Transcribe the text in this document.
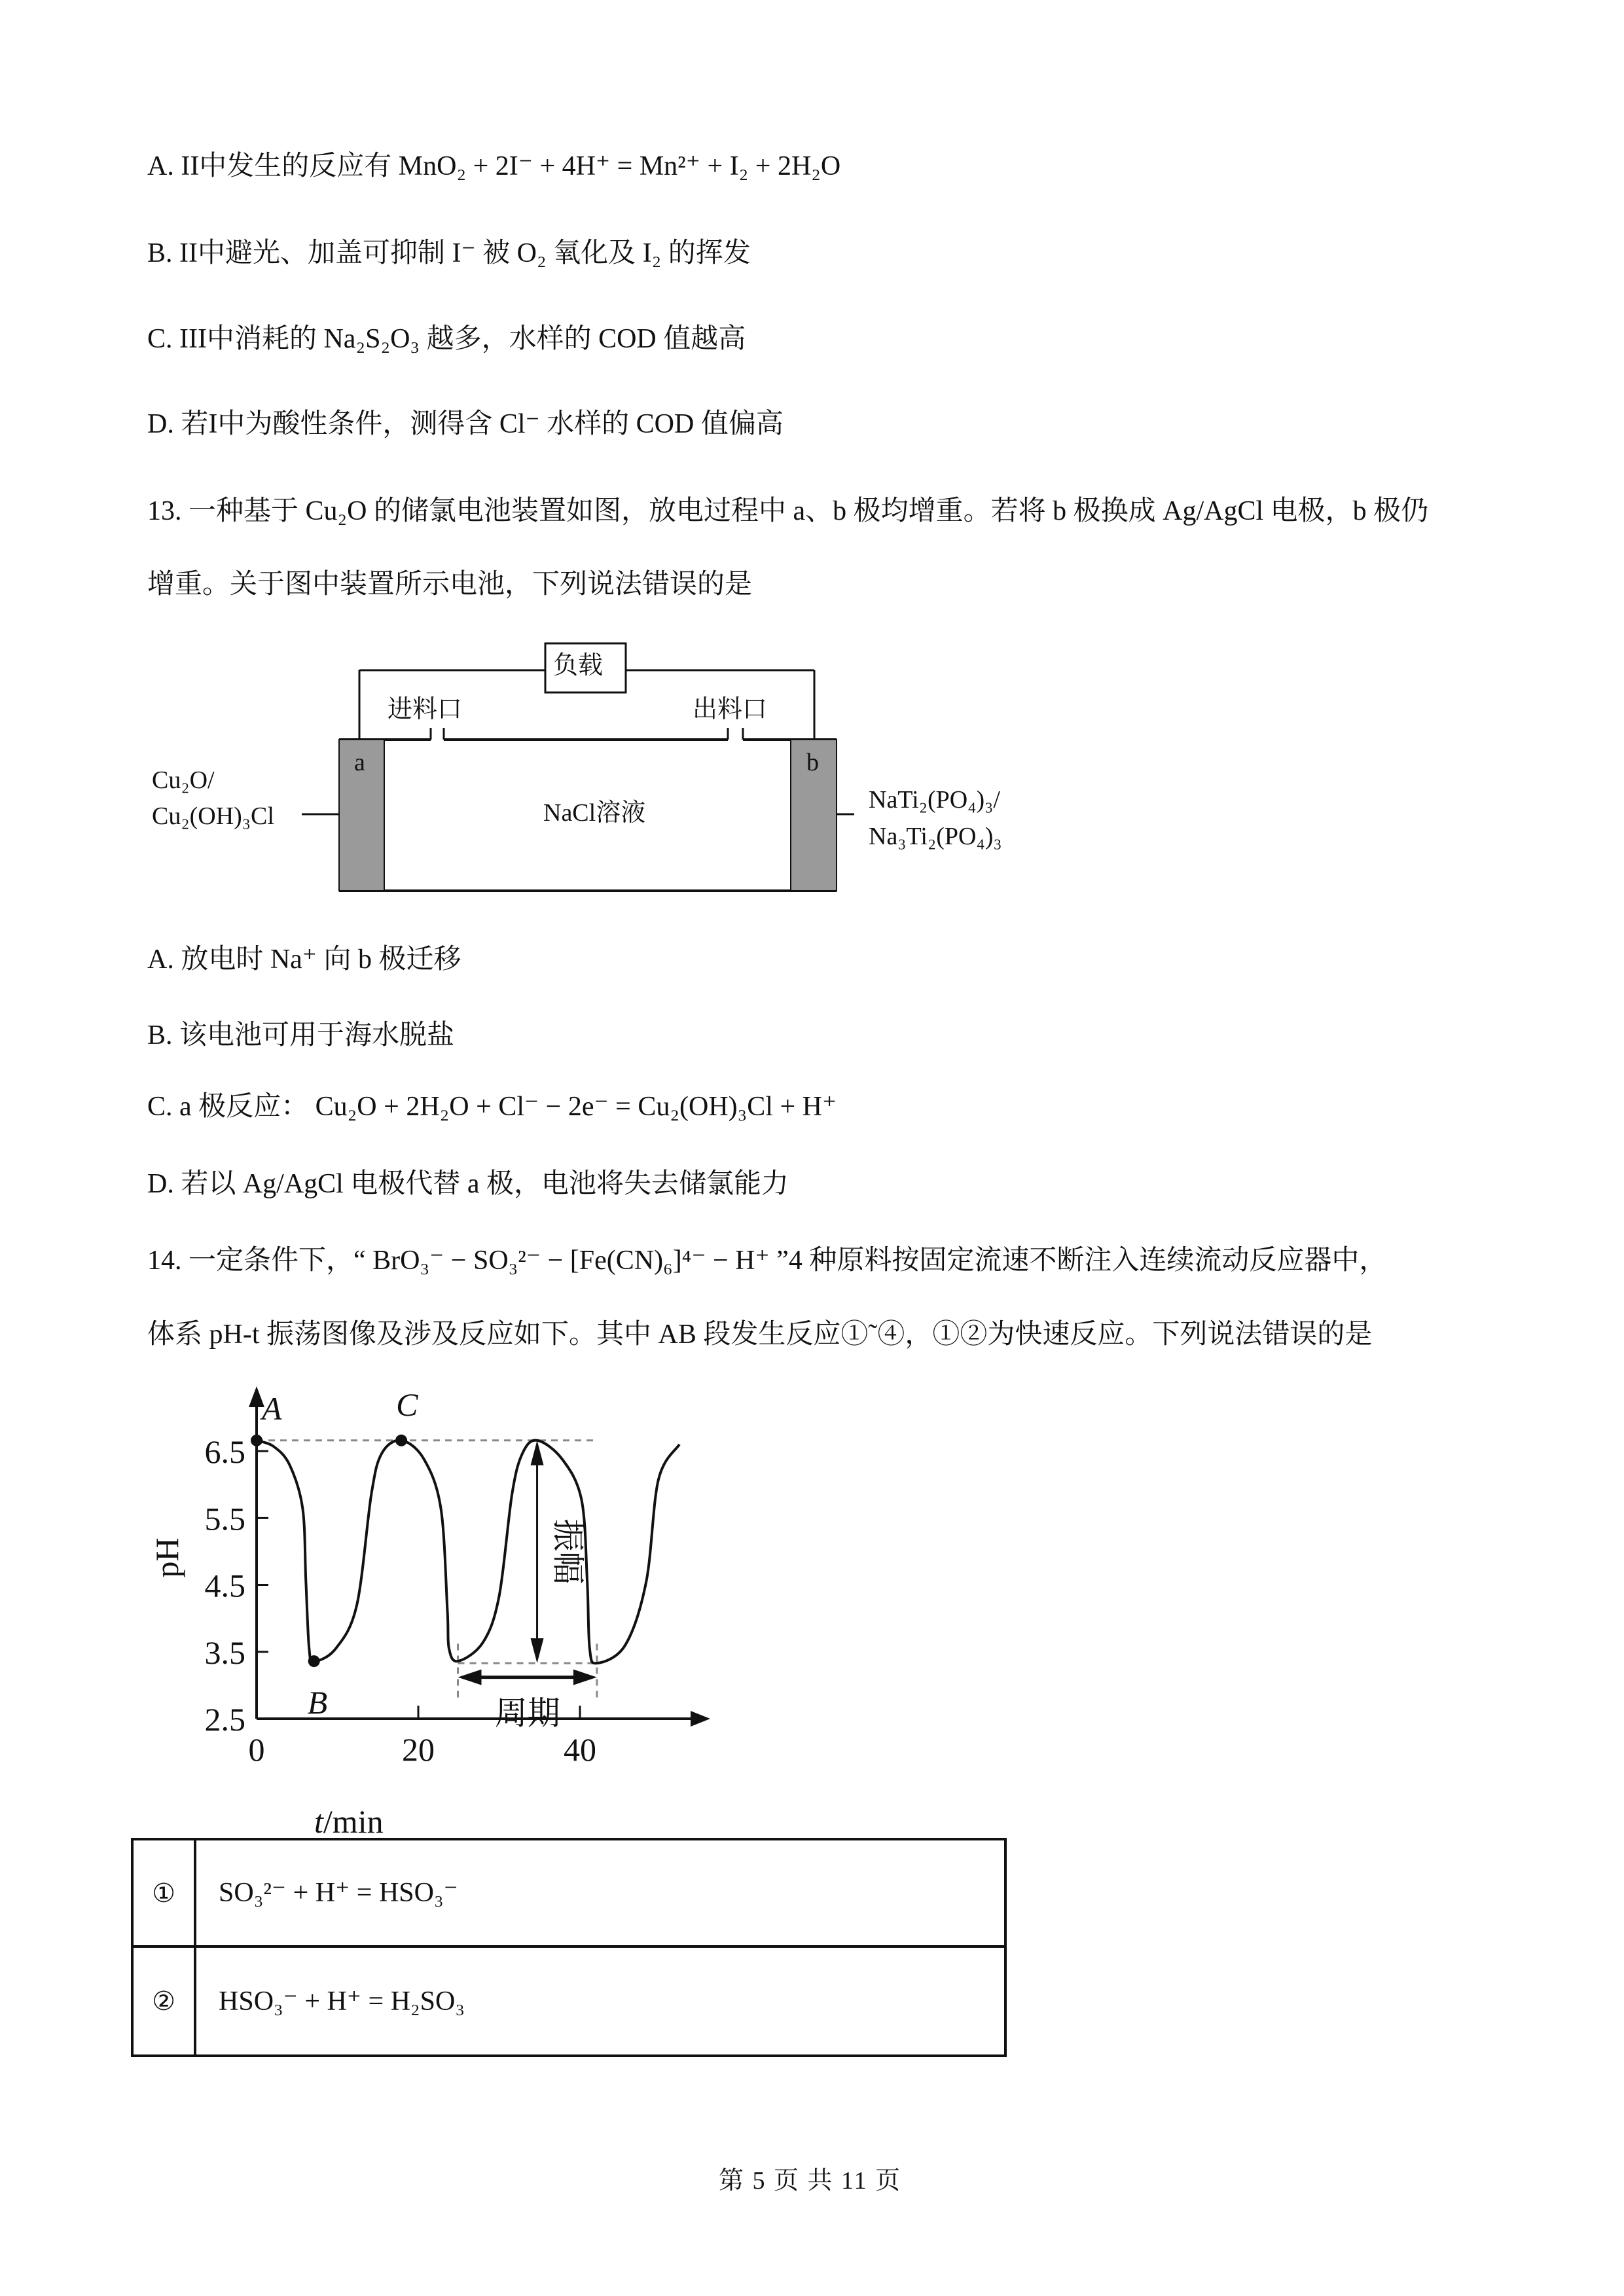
A. II中发生的反应有 MnO₂ + 2I⁻ + 4H⁺ = Mn²⁺ + I₂ + 2H₂O
B. II中避光、加盖可抑制 I⁻ 被 O₂ 氧化及 I₂ 的挥发
C. III中消耗的 Na₂S₂O₃ 越多，水样的 COD 值越高
D. 若I中为酸性条件，测得含 Cl⁻ 水样的 COD 值偏高
13. 一种基于 Cu₂O 的储氯电池装置如图，放电过程中 a、b 极均增重。若将 b 极换成 Ag/AgCl 电极，b 极仍
增重。关于图中装置所示电池，下列说法错误的是
负载
进料口	出料口
a	b
NaCl溶液
Cu₂O/
Cu₂(OH)₃Cl
NaTi₂(PO₄)₃/
Na₃Ti₂(PO₄)₃
A. 放电时 Na⁺ 向 b 极迁移
B. 该电池可用于海水脱盐
C. a 极反应： Cu₂O + 2H₂O + Cl⁻ − 2e⁻ = Cu₂(OH)₃Cl + H⁺
D. 若以 Ag/AgCl 电极代替 a 极，电池将失去储氯能力
14. 一定条件下，“ BrO₃⁻ − SO₃²⁻ − [Fe(CN)₆]⁴⁻ − H⁺ ”4 种原料按固定流速不断注入连续流动反应器中，
体系 pH-t 振荡图像及涉及反应如下。其中 AB 段发生反应①˜④，①②为快速反应。下列说法错误的是
6.5
5.5
4.5
3.5
2.5
0	20	40
A
B
C
振幅
周期
t/min
pH
①	SO₃²⁻ + H⁺ = HSO₃⁻
②	HSO₃⁻ + H⁺ = H₂SO₃
第 5 页 共 11 页
